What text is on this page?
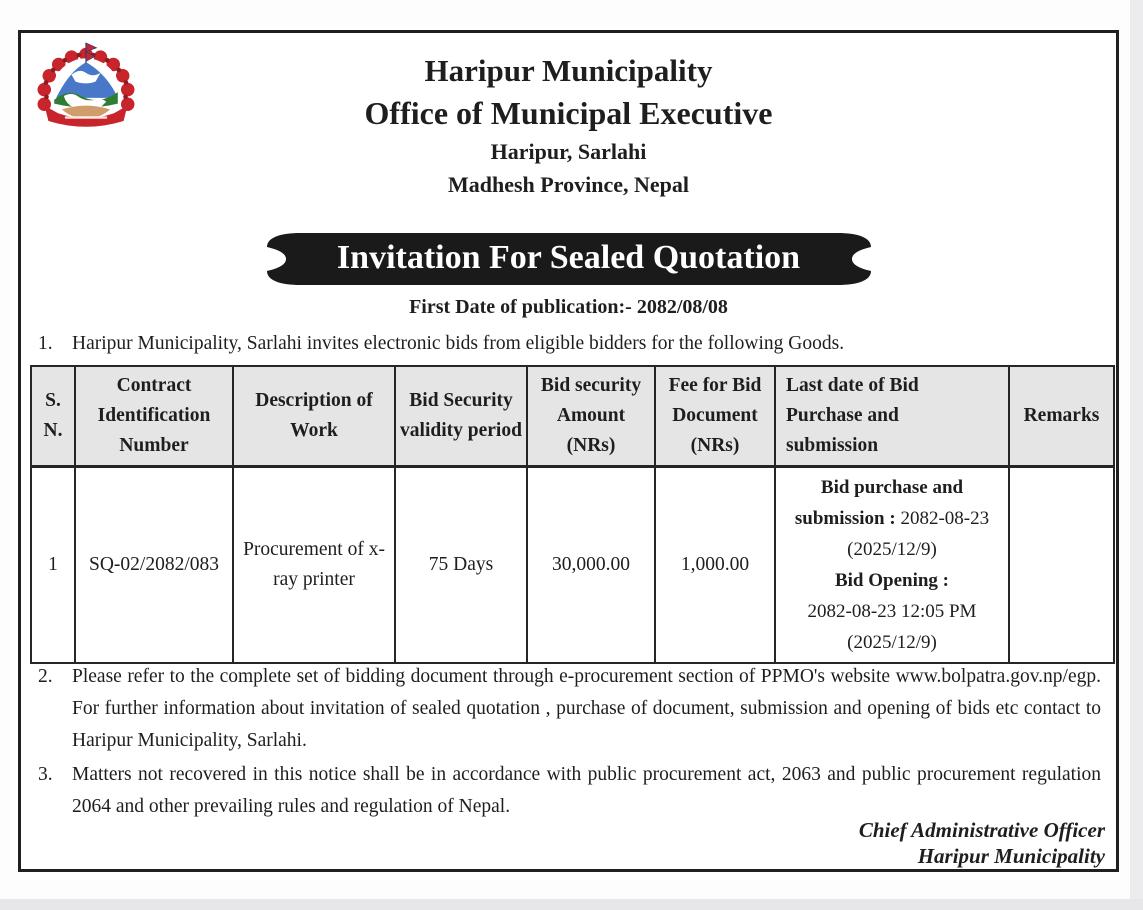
Haripur Municipality
Office of Municipal Executive
Haripur, Sarlahi
Madhesh Province, Nepal
Invitation For Sealed Quotation
First Date of publication:- 2082/08/08
1. Haripur Municipality, Sarlahi invites electronic bids from eligible bidders for the following Goods.
S. N.	Contract Identification Number	Description of Work	Bid Security validity period	Bid security Amount (NRs)	Fee for Bid Document (NRs)	Last date of Bid Purchase and submission	Remarks
1	SQ-02/2082/083	Procurement of x-ray printer	75 Days	30,000.00	1,000.00	Bid purchase and submission : 2082-08-23
(2025/12/9)
Bid Opening :
2082-08-23 12:05 PM
(2025/12/9)	

2. Please refer to the complete set of bidding document through e-procurement section of PPMO's website www.bolpatra.gov.np/egp. For further information about invitation of sealed quotation , purchase of document, submission and opening of bids etc contact to Haripur Municipality, Sarlahi.
3. Matters not recovered in this notice shall be in accordance with public procurement act, 2063 and public procurement regulation 2064 and other prevailing rules and regulation of Nepal.
Chief Administrative Officer
Haripur Municipality
